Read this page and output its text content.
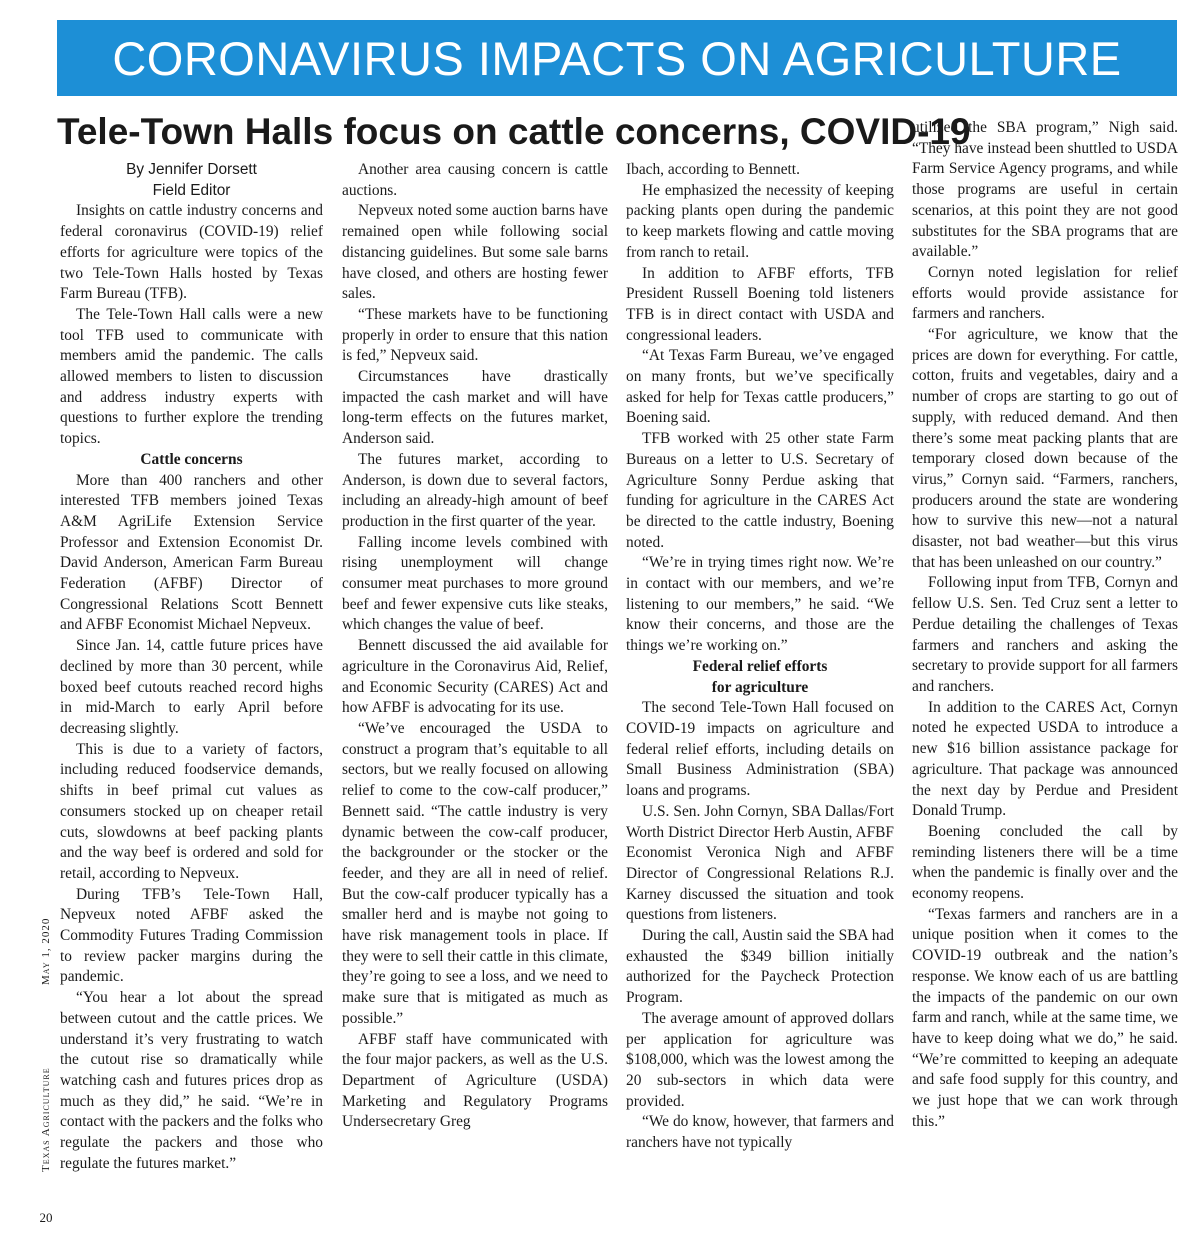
CORONAVIRUS IMPACTS ON AGRICULTURE
Tele-Town Halls focus on cattle concerns, COVID-19
By Jennifer Dorsett
Field Editor

Insights on cattle industry concerns and federal coronavirus (COVID-19) relief efforts for agriculture were topics of the two Tele-Town Halls hosted by Texas Farm Bureau (TFB).

The Tele-Town Hall calls were a new tool TFB used to communicate with members amid the pandemic. The calls allowed members to listen to discussion and address industry experts with questions to further explore the trending topics.

Cattle concerns

More than 400 ranchers and other interested TFB members joined Texas A&M AgriLife Extension Service Professor and Extension Economist Dr. David Anderson, American Farm Bureau Federation (AFBF) Director of Congressional Relations Scott Bennett and AFBF Economist Michael Nepveux.

Since Jan. 14, cattle future prices have declined by more than 30 percent, while boxed beef cutouts reached record highs in mid-March to early April before decreasing slightly.

This is due to a variety of factors, including reduced foodservice demands, shifts in beef primal cut values as consumers stocked up on cheaper retail cuts, slowdowns at beef packing plants and the way beef is ordered and sold for retail, according to Nepveux.

During TFB’s Tele-Town Hall, Nepveux noted AFBF asked the Commodity Futures Trading Commission to review packer margins during the pandemic.

“You hear a lot about the spread between cutout and the cattle prices. We understand it’s very frustrating to watch the cutout rise so dramatically while watching cash and futures prices drop as much as they did,” he said. “We’re in contact with the packers and the folks who regulate the packers and those who regulate the futures market.”

Another area causing concern is cattle auctions.

Nepveux noted some auction barns have remained open while following social distancing guidelines. But some sale barns have closed, and others are hosting fewer sales.

“These markets have to be functioning properly in order to ensure that this nation is fed,” Nepveux said.

Circumstances have drastically impacted the cash market and will have long-term effects on the futures market, Anderson said.

The futures market, according to Anderson, is down due to several factors, including an already-high amount of beef production in the first quarter of the year.

Falling income levels combined with rising unemployment will change consumer meat purchases to more ground beef and fewer expensive cuts like steaks, which changes the value of beef.

Bennett discussed the aid available for agriculture in the Coronavirus Aid, Relief, and Economic Security (CARES) Act and how AFBF is advocating for its use.

“We’ve encouraged the USDA to construct a program that’s equitable to all sectors, but we really focused on allowing relief to come to the cow-calf producer,” Bennett said. “The cattle industry is very dynamic between the cow-calf producer, the backgrounder or the stocker or the feeder, and they are all in need of relief. But the cow-calf producer typically has a smaller herd and is maybe not going to have risk management tools in place. If they were to sell their cattle in this climate, they’re going to see a loss, and we need to make sure that is mitigated as much as possible.”

AFBF staff have communicated with the four major packers, as well as the U.S. Department of Agriculture (USDA) Marketing and Regulatory Programs Undersecretary Greg

Ibach, according to Bennett.

He emphasized the necessity of keeping packing plants open during the pandemic to keep markets flowing and cattle moving from ranch to retail.

In addition to AFBF efforts, TFB President Russell Boening told listeners TFB is in direct contact with USDA and congressional leaders.

“At Texas Farm Bureau, we’ve engaged on many fronts, but we’ve specifically asked for help for Texas cattle producers,” Boening said.

TFB worked with 25 other state Farm Bureaus on a letter to U.S. Secretary of Agriculture Sonny Perdue asking that funding for agriculture in the CARES Act be directed to the cattle industry, Boening noted.

“We’re in trying times right now. We’re in contact with our members, and we’re listening to our members,” he said. “We know their concerns, and those are the things we’re working on.”

Federal relief efforts

for agriculture

The second Tele-Town Hall focused on COVID-19 impacts on agriculture and federal relief efforts, including details on Small Business Administration (SBA) loans and programs.

U.S. Sen. John Cornyn, SBA Dallas/Fort Worth District Director Herb Austin, AFBF Economist Veronica Nigh and AFBF Director of Congressional Relations R.J. Karney discussed the situation and took questions from listeners.

During the call, Austin said the SBA had exhausted the $349 billion initially authorized for the Paycheck Protection Program.

The average amount of approved dollars per application for agriculture was $108,000, which was the lowest among the 20 sub-sectors in which data were provided.

“We do know, however, that farmers and ranchers have not typically

utilized the SBA program,” Nigh said. “They have instead been shuttled to USDA Farm Service Agency programs, and while those programs are useful in certain scenarios, at this point they are not good substitutes for the SBA programs that are available.”

Cornyn noted legislation for relief efforts would provide assistance for farmers and ranchers.

“For agriculture, we know that the prices are down for everything. For cattle, cotton, fruits and vegetables, dairy and a number of crops are starting to go out of supply, with reduced demand. And then there’s some meat packing plants that are temporary closed down because of the virus,” Cornyn said. “Farmers, ranchers, producers around the state are wondering how to survive this new—not a natural disaster, not bad weather—but this virus that has been unleashed on our country.”

Following input from TFB, Cornyn and fellow U.S. Sen. Ted Cruz sent a letter to Perdue detailing the challenges of Texas farmers and ranchers and asking the secretary to provide support for all farmers and ranchers.

In addition to the CARES Act, Cornyn noted he expected USDA to introduce a new $16 billion assistance package for agriculture. That package was announced the next day by Perdue and President Donald Trump.

Boening concluded the call by reminding listeners there will be a time when the pandemic is finally over and the economy reopens.

“Texas farmers and ranchers are in a unique position when it comes to the COVID-19 outbreak and the nation’s response. We know each of us are battling the impacts of the pandemic on our own farm and ranch, while at the same time, we have to keep doing what we do,” he said. “We’re committed to keeping an adequate and safe food supply for this country, and we just hope that we can work through this.”

May 1, 2020
Texas Agriculture
20
